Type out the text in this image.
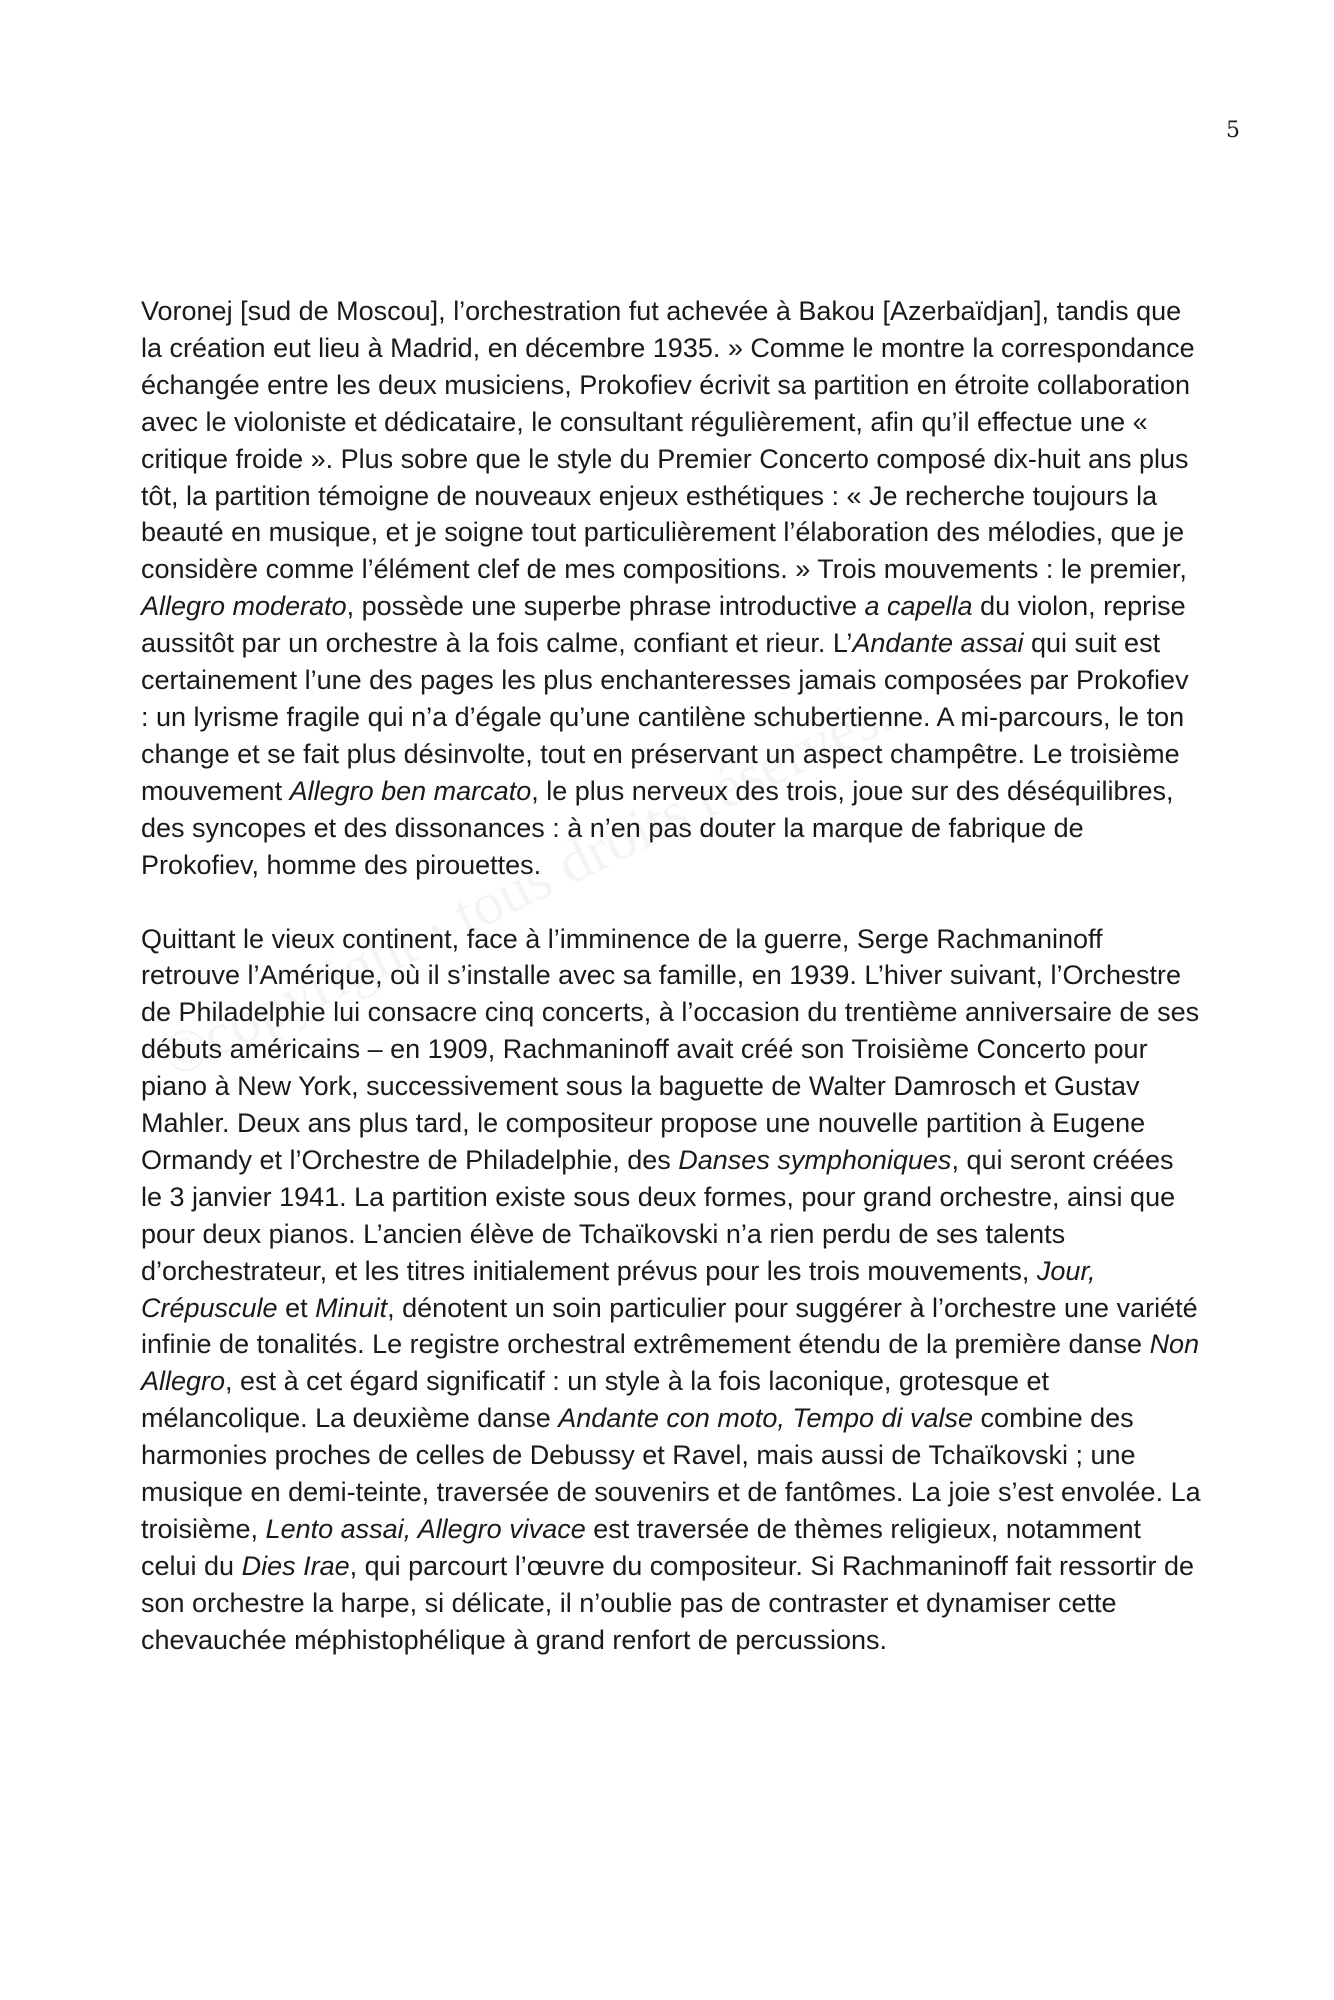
5

Voronej [sud de Moscou], l’orchestration fut achevée à Bakou [Azerbaïdjan], tandis que la création eut lieu à Madrid, en décembre 1935. » Comme le montre la correspondance échangée entre les deux musiciens, Prokofiev écrivit sa partition en étroite collaboration avec le violoniste et dédicataire, le consultant régulièrement, afin qu’il effectue une « critique froide ». Plus sobre que le style du Premier Concerto composé dix-huit ans plus tôt, la partition témoigne de nouveaux enjeux esthétiques : « Je recherche toujours la beauté en musique, et je soigne tout particulièrement l’élaboration des mélodies, que je considère comme l’élément clef de mes compositions. » Trois mouvements : le premier, Allegro moderato, possède une superbe phrase introductive a capella du violon, reprise aussitôt par un orchestre à la fois calme, confiant et rieur. L’Andante assai qui suit est certainement l’une des pages les plus enchanteresses jamais composées par Prokofiev : un lyrisme fragile qui n’a d’égale qu’une cantilène schubertienne. A mi-parcours, le ton change et se fait plus désinvolte, tout en préservant un aspect champêtre. Le troisième mouvement Allegro ben marcato, le plus nerveux des trois, joue sur des déséquilibres, des syncopes et des dissonances : à n’en pas douter la marque de fabrique de Prokofiev, homme des pirouettes.

Quittant le vieux continent, face à l’imminence de la guerre, Serge Rachmaninoff retrouve l’Amérique, où il s’installe avec sa famille, en 1939. L’hiver suivant, l’Orchestre de Philadelphie lui consacre cinq concerts, à l’occasion du trentième anniversaire de ses débuts américains – en 1909, Rachmaninoff avait créé son Troisième Concerto pour piano à New York, successivement sous la baguette de Walter Damrosch et Gustav Mahler. Deux ans plus tard, le compositeur propose une nouvelle partition à Eugene Ormandy et l’Orchestre de Philadelphie, des Danses symphoniques, qui seront créées le 3 janvier 1941. La partition existe sous deux formes, pour grand orchestre, ainsi que pour deux pianos. L’ancien élève de Tchaïkovski n’a rien perdu de ses talents d’orchestrateur, et les titres initialement prévus pour les trois mouvements, Jour, Crépuscule et Minuit, dénotent un soin particulier pour suggérer à l’orchestre une variété infinie de tonalités. Le registre orchestral extrêmement étendu de la première danse Non Allegro, est à cet égard significatif : un style à la fois laconique, grotesque et mélancolique. La deuxième danse Andante con moto, Tempo di valse combine des harmonies proches de celles de Debussy et Ravel, mais aussi de Tchaïkovski ; une musique en demi-teinte, traversée de souvenirs et de fantômes. La joie s’est envolée. La troisième, Lento assai, Allegro vivace est traversée de thèmes religieux, notamment celui du Dies Irae, qui parcourt l’œuvre du compositeur. Si Rachmaninoff fait ressortir de son orchestre la harpe, si délicate, il n’oublie pas de contraster et dynamiser cette chevauchée méphistophélique à grand renfort de percussions.
